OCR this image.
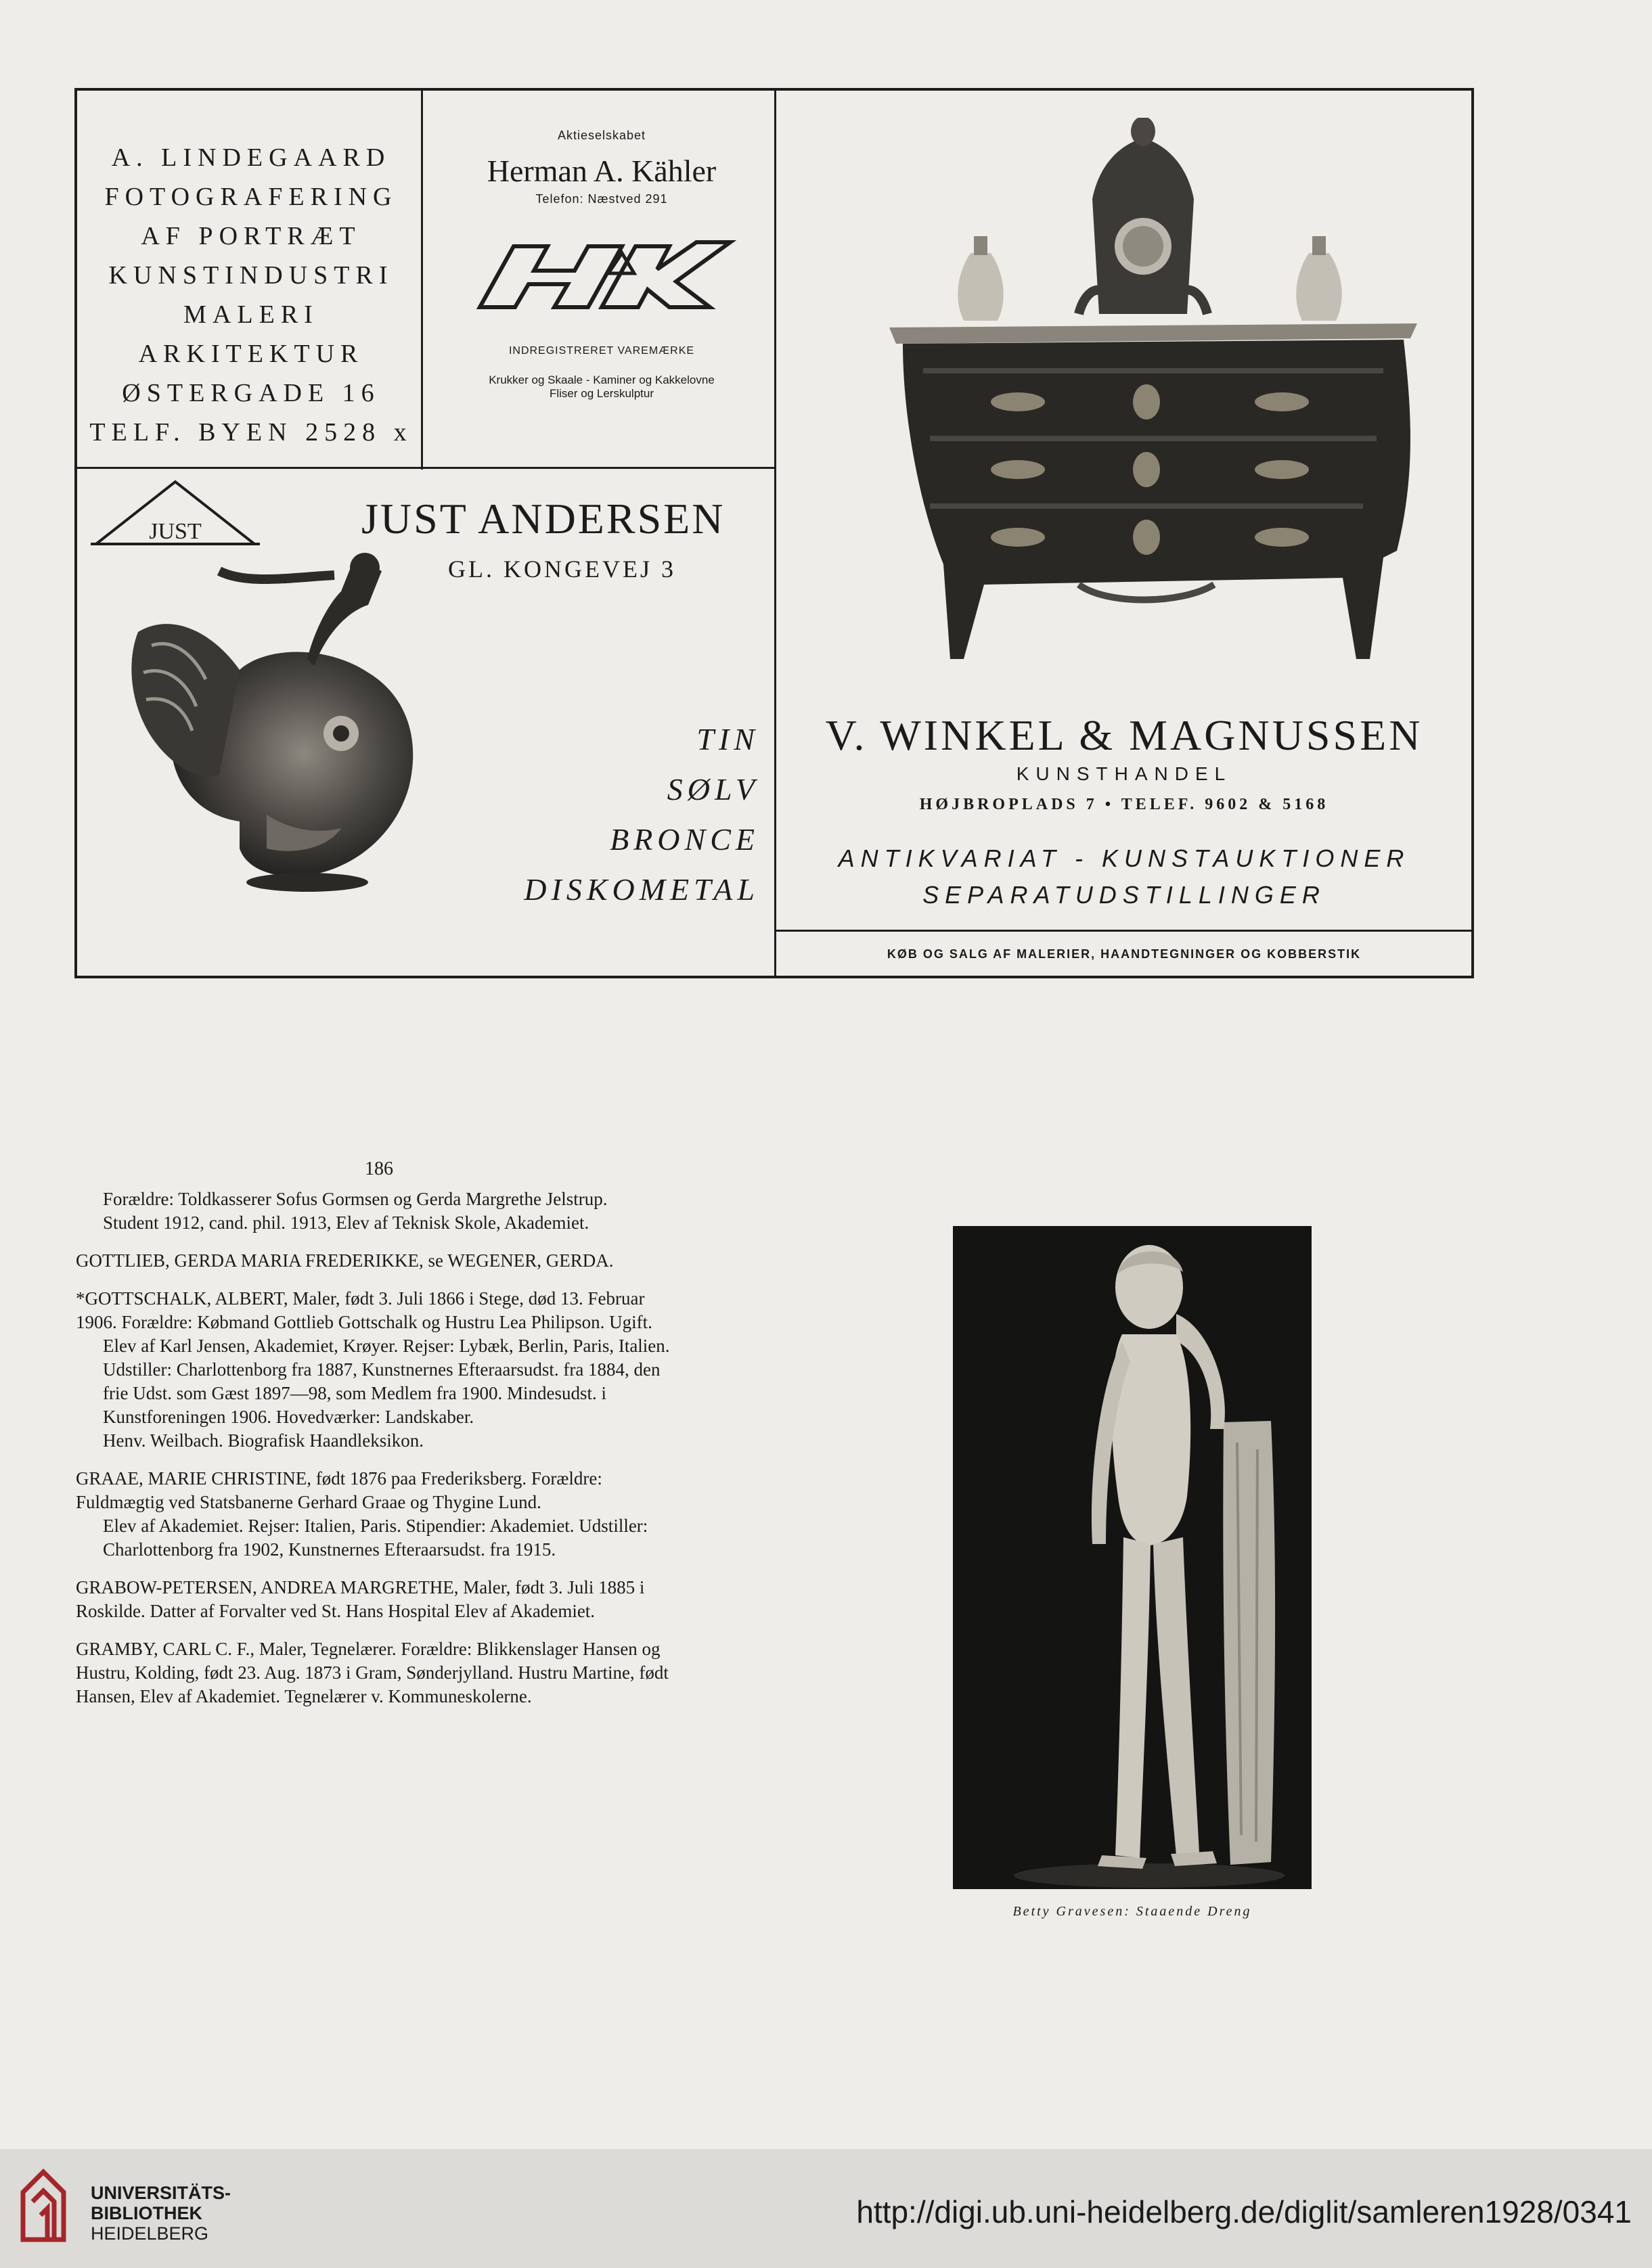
A. LINDEGAARD
FOTOGRAFERING
AF PORTRÆT
KUNSTINDUSTRI
MALERI
ARKITEKTUR
ØSTERGADE 16
TELF. BYEN 2528 x
Aktieselskabet
Herman A. Kähler
Telefon: Næstved 291
INDREGISTRERET VAREMÆRKE
Krukker og Skaale - Kaminer og Kakkelovne
Fliser og Lerskulptur
JUST	JUST ANDERSEN
GL. KONGEVEJ 3
TIN
SØLV
BRONCE
DISKOMETAL
V. WINKEL & MAGNUSSEN
KUNSTHANDEL
HØJBROPLADS 7 • TELEF. 9602 & 5168
ANTIKVARIAT - KUNSTAUKTIONER
SEPARATUDSTILLINGER
KØB OG SALG AF MALERIER, HAANDTEGNINGER OG KOBBERSTIK
186

Forældre: Toldkasserer Sofus Gormsen og Gerda Margrethe Jelstrup.

Student 1912, cand. phil. 1913, Elev af Teknisk Skole, Akademiet.

GOTTLIEB, GERDA MARIA FREDERIKKE, se WEGENER, GERDA.

*GOTTSCHALK, ALBERT, Maler, født 3. Juli 1866 i Stege, død 13. Februar 1906. Forældre: Købmand Gottlieb Gottschalk og Hustru Lea Philipson. Ugift.

Elev af Karl Jensen, Akademiet, Krøyer. Rejser: Lybæk, Berlin, Paris, Italien. Udstiller: Charlottenborg fra 1887, Kunstnernes Efteraarsudst. fra 1884, den frie Udst. som Gæst 1897—98, som Medlem fra 1900. Mindesudst. i Kunstforeningen 1906. Hovedværker: Landskaber.

Henv. Weilbach. Biografisk Haandleksikon.

GRAAE, MARIE CHRISTINE, født 1876 paa Frederiksberg. Forældre: Fuldmægtig ved Statsbanerne Gerhard Graae og Thygine Lund.

Elev af Akademiet. Rejser: Italien, Paris. Stipendier: Akademiet. Udstiller: Charlottenborg fra 1902, Kunstnernes Efteraarsudst. fra 1915.

GRABOW-PETERSEN, ANDREA MARGRETHE, Maler, født 3. Juli 1885 i Roskilde. Datter af Forvalter ved St. Hans Hospital Elev af Akademiet.

GRAMBY, CARL C. F., Maler, Tegnelærer. Forældre: Blikkenslager Hansen og Hustru, Kolding, født 23. Aug. 1873 i Gram, Sønderjylland. Hustru Martine, født Hansen, Elev af Akademiet. Tegnelærer v. Kommuneskolerne.

Betty Gravesen: Staaende Dreng
UNIVERSITÄTS-
BIBLIOTHEK
HEIDELBERG
http://digi.ub.uni-heidelberg.de/diglit/samleren1928/0341
